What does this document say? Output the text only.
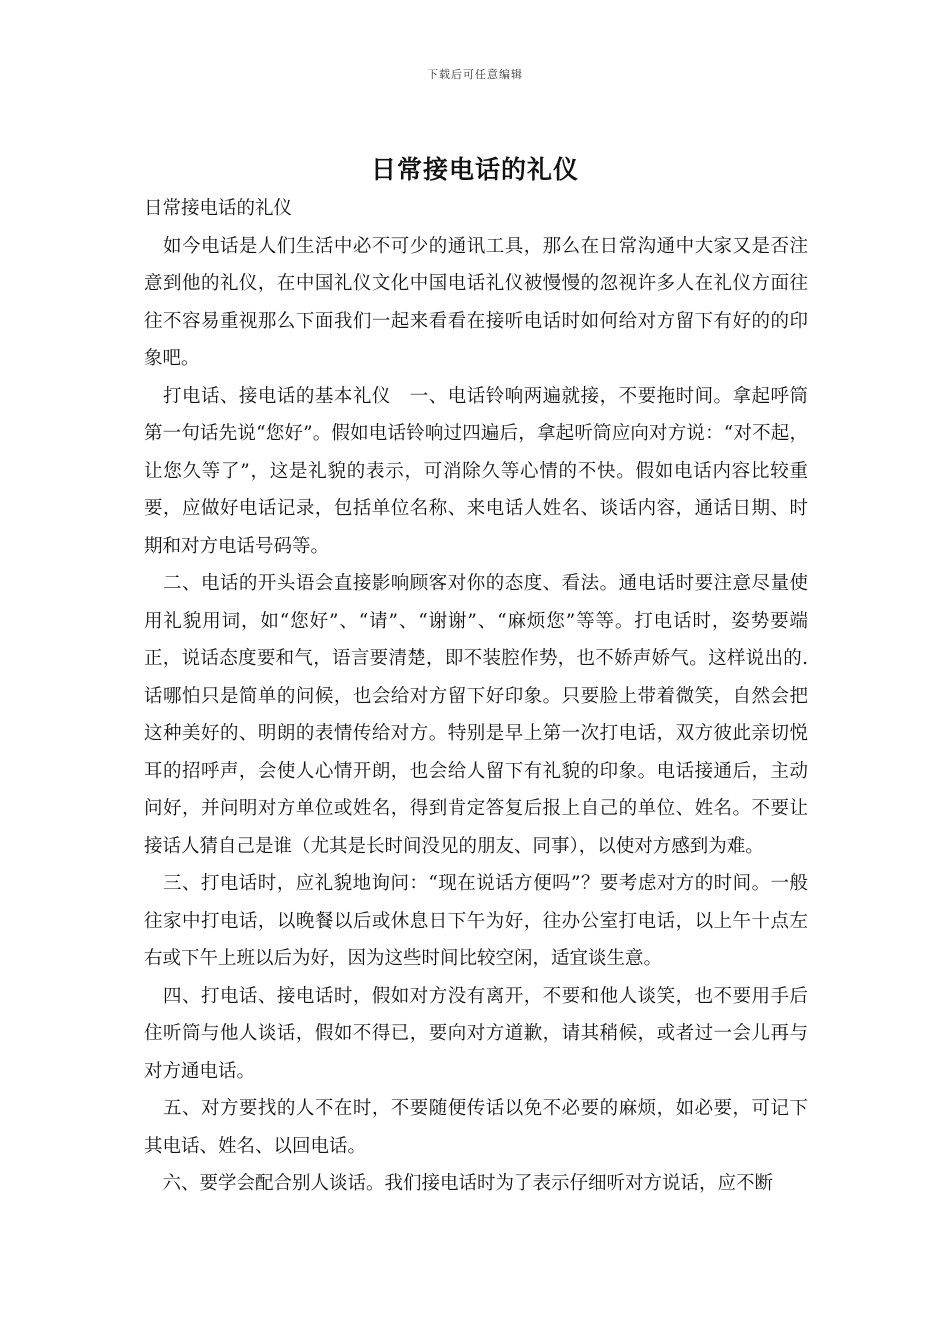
下载后可任意编辑
日常接电话的礼仪

日常接电话的礼仪

　如今电话是人们生活中必不可少的通讯工具，那么在日常沟通中大家又是否注意到他的礼仪，在中国礼仪文化中国电话礼仪被慢慢的忽视许多人在礼仪方面往往不容易重视那么下面我们一起来看看在接听电话时如何给对方留下有好的的印象吧。

　打电话、接电话的基本礼仪　一、电话铃响两遍就接，不要拖时间。拿起呼筒第一句话先说“您好”。假如电话铃响过四遍后，拿起听筒应向对方说：“对不起，让您久等了”，这是礼貌的表示，可消除久等心情的不快。假如电话内容比较重要，应做好电话记录，包括单位名称、来电话人姓名、谈话内容，通话日期、时期和对方电话号码等。

　二、电话的开头语会直接影响顾客对你的态度、看法。通电话时要注意尽量使用礼貌用词，如“您好”、“请”、“谢谢”、“麻烦您”等等。打电话时，姿势要端正，说话态度要和气，语言要清楚，即不装腔作势，也不娇声娇气。这样说出的.话哪怕只是简单的问候，也会给对方留下好印象。只要脸上带着微笑，自然会把这种美好的、明朗的表情传给对方。特别是早上第一次打电话，双方彼此亲切悦耳的招呼声，会使人心情开朗，也会给人留下有礼貌的印象。电话接通后，主动问好，并问明对方单位或姓名，得到肯定答复后报上自己的单位、姓名。不要让接话人猜自己是谁（尤其是长时间没见的朋友、同事），以使对方感到为难。

　三、打电话时，应礼貌地询问：“现在说话方便吗”？要考虑对方的时间。一般往家中打电话，以晚餐以后或休息日下午为好，往办公室打电话，以上午十点左右或下午上班以后为好，因为这些时间比较空闲，适宜谈生意。

　四、打电话、接电话时，假如对方没有离开，不要和他人谈笑，也不要用手后住听筒与他人谈话，假如不得已，要向对方道歉，请其稍候，或者过一会儿再与对方通电话。

　五、对方要找的人不在时，不要随便传话以免不必要的麻烦，如必要，可记下其电话、姓名、以回电话。

　六、要学会配合别人谈话。我们接电话时为了表示仔细听对方说话，应不断
